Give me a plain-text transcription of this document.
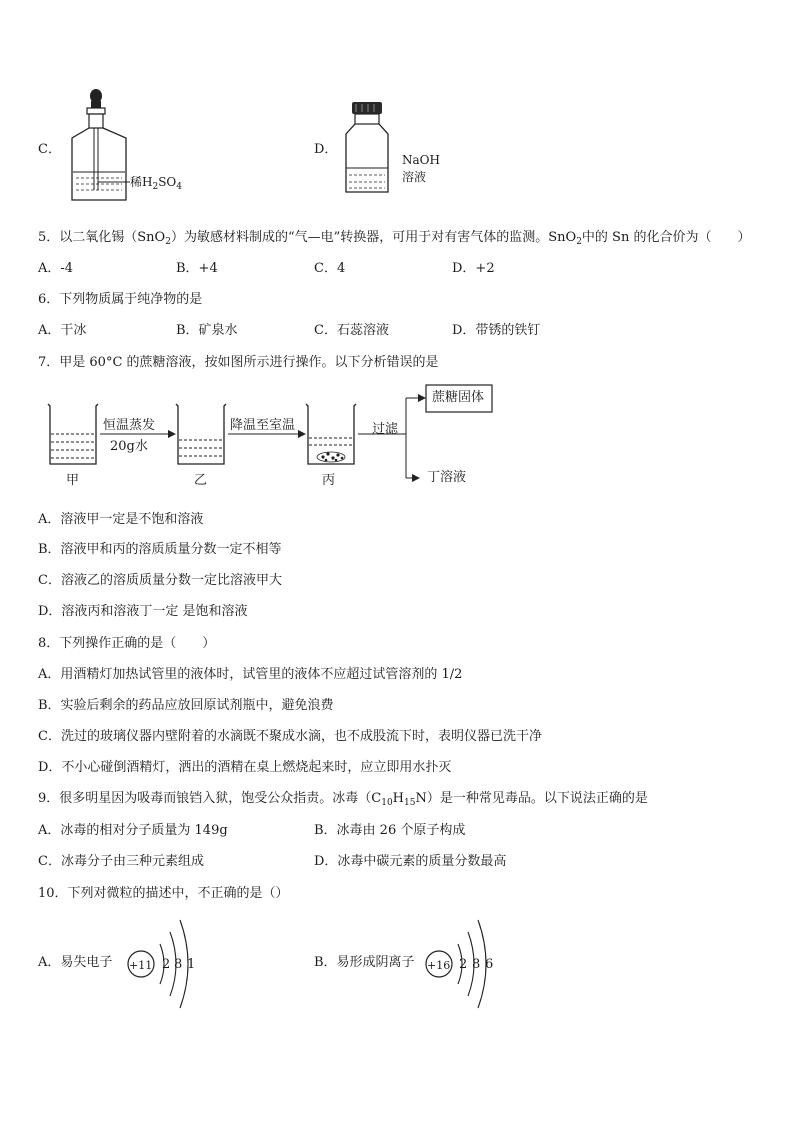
C．
稀$H_2SO_4$
D．
NaOH
溶液
5．以二氧化锡（SnO$_2$）为敏感材料制成的“气—电”转换器，可用于对有害气体的监测。SnO$_2$中的 Sn 的化合价为（　　）
A．-4	B．+4	C．4	D．+2
6．下列物质属于纯净物的是
A．干冰	B．矿泉水	C．石蕊溶液	D．带锈的铁钉
7．甲是 60°C 的蔗糖溶液，按如图所示进行操作。以下分析错误的是
恒温蒸发
20g水
降温至室温	过滤
蔗糖固体
丁溶液
甲	乙	丙
A．溶液甲一定是不饱和溶液
B．溶液甲和丙的溶质质量分数一定不相等
C．溶液乙的溶质质量分数一定比溶液甲大
D．溶液丙和溶液丁一定 是饱和溶液
8．下列操作正确的是（　　）
A．用酒精灯加热试管里的液体时，试管里的液体不应超过试管溶剂的 1/2
B．实验后剩余的药品应放回原试剂瓶中，避免浪费
C．洗过的玻璃仪器内壁附着的水滴既不聚成水滴，也不成股流下时，表明仪器已洗干净
D．不小心碰倒酒精灯，洒出的酒精在桌上燃烧起来时，应立即用水扑灭
9．很多明星因为吸毒而锒铛入狱，饱受公众指责。冰毒$(C_{10}H_{15}N)$是一种常见毒品。以下说法正确的是
A．冰毒的相对分子质量为 149g	B．冰毒由 26 个原子构成
C．冰毒分子由三种元素组成	D．冰毒中碳元素的质量分数最高
10．下列对微粒的描述中，不正确的是（）
A．易失电子 +11 2 8 1	B．易形成阴离子 +16 2 8 6
